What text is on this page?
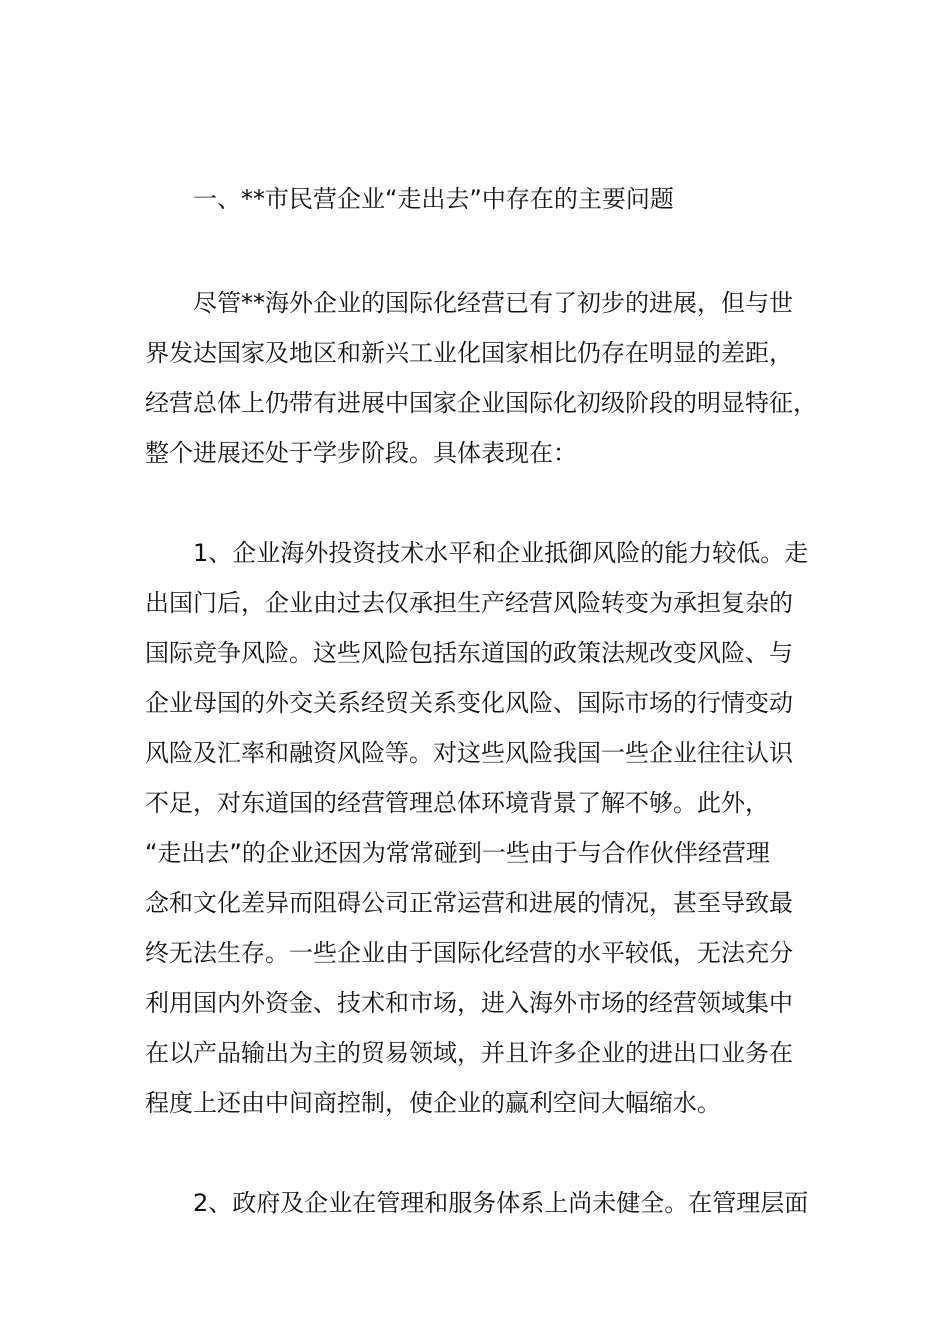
一、**市民营企业“走出去”中存在的主要问题
尽管**海外企业的国际化经营已有了初步的进展，但与世
界发达国家及地区和新兴工业化国家相比仍存在明显的差距，
经营总体上仍带有进展中国家企业国际化初级阶段的明显特征，
整个进展还处于学步阶段。具体表现在：
1、企业海外投资技术水平和企业抵御风险的能力较低。走
出国门后，企业由过去仅承担生产经营风险转变为承担复杂的
国际竞争风险。这些风险包括东道国的政策法规改变风险、与
企业母国的外交关系经贸关系变化风险、国际市场的行情变动
风险及汇率和融资风险等。对这些风险我国一些企业往往认识
不足，对东道国的经营管理总体环境背景了解不够。此外，
“走出去”的企业还因为常常碰到一些由于与合作伙伴经营理
念和文化差异而阻碍公司正常运营和进展的情况，甚至导致最
终无法生存。一些企业由于国际化经营的水平较低，无法充分
利用国内外资金、技术和市场，进入海外市场的经营领域集中
在以产品输出为主的贸易领域，并且许多企业的进出口业务在
程度上还由中间商控制，使企业的赢利空间大幅缩水。
2、政府及企业在管理和服务体系上尚未健全。在管理层面
